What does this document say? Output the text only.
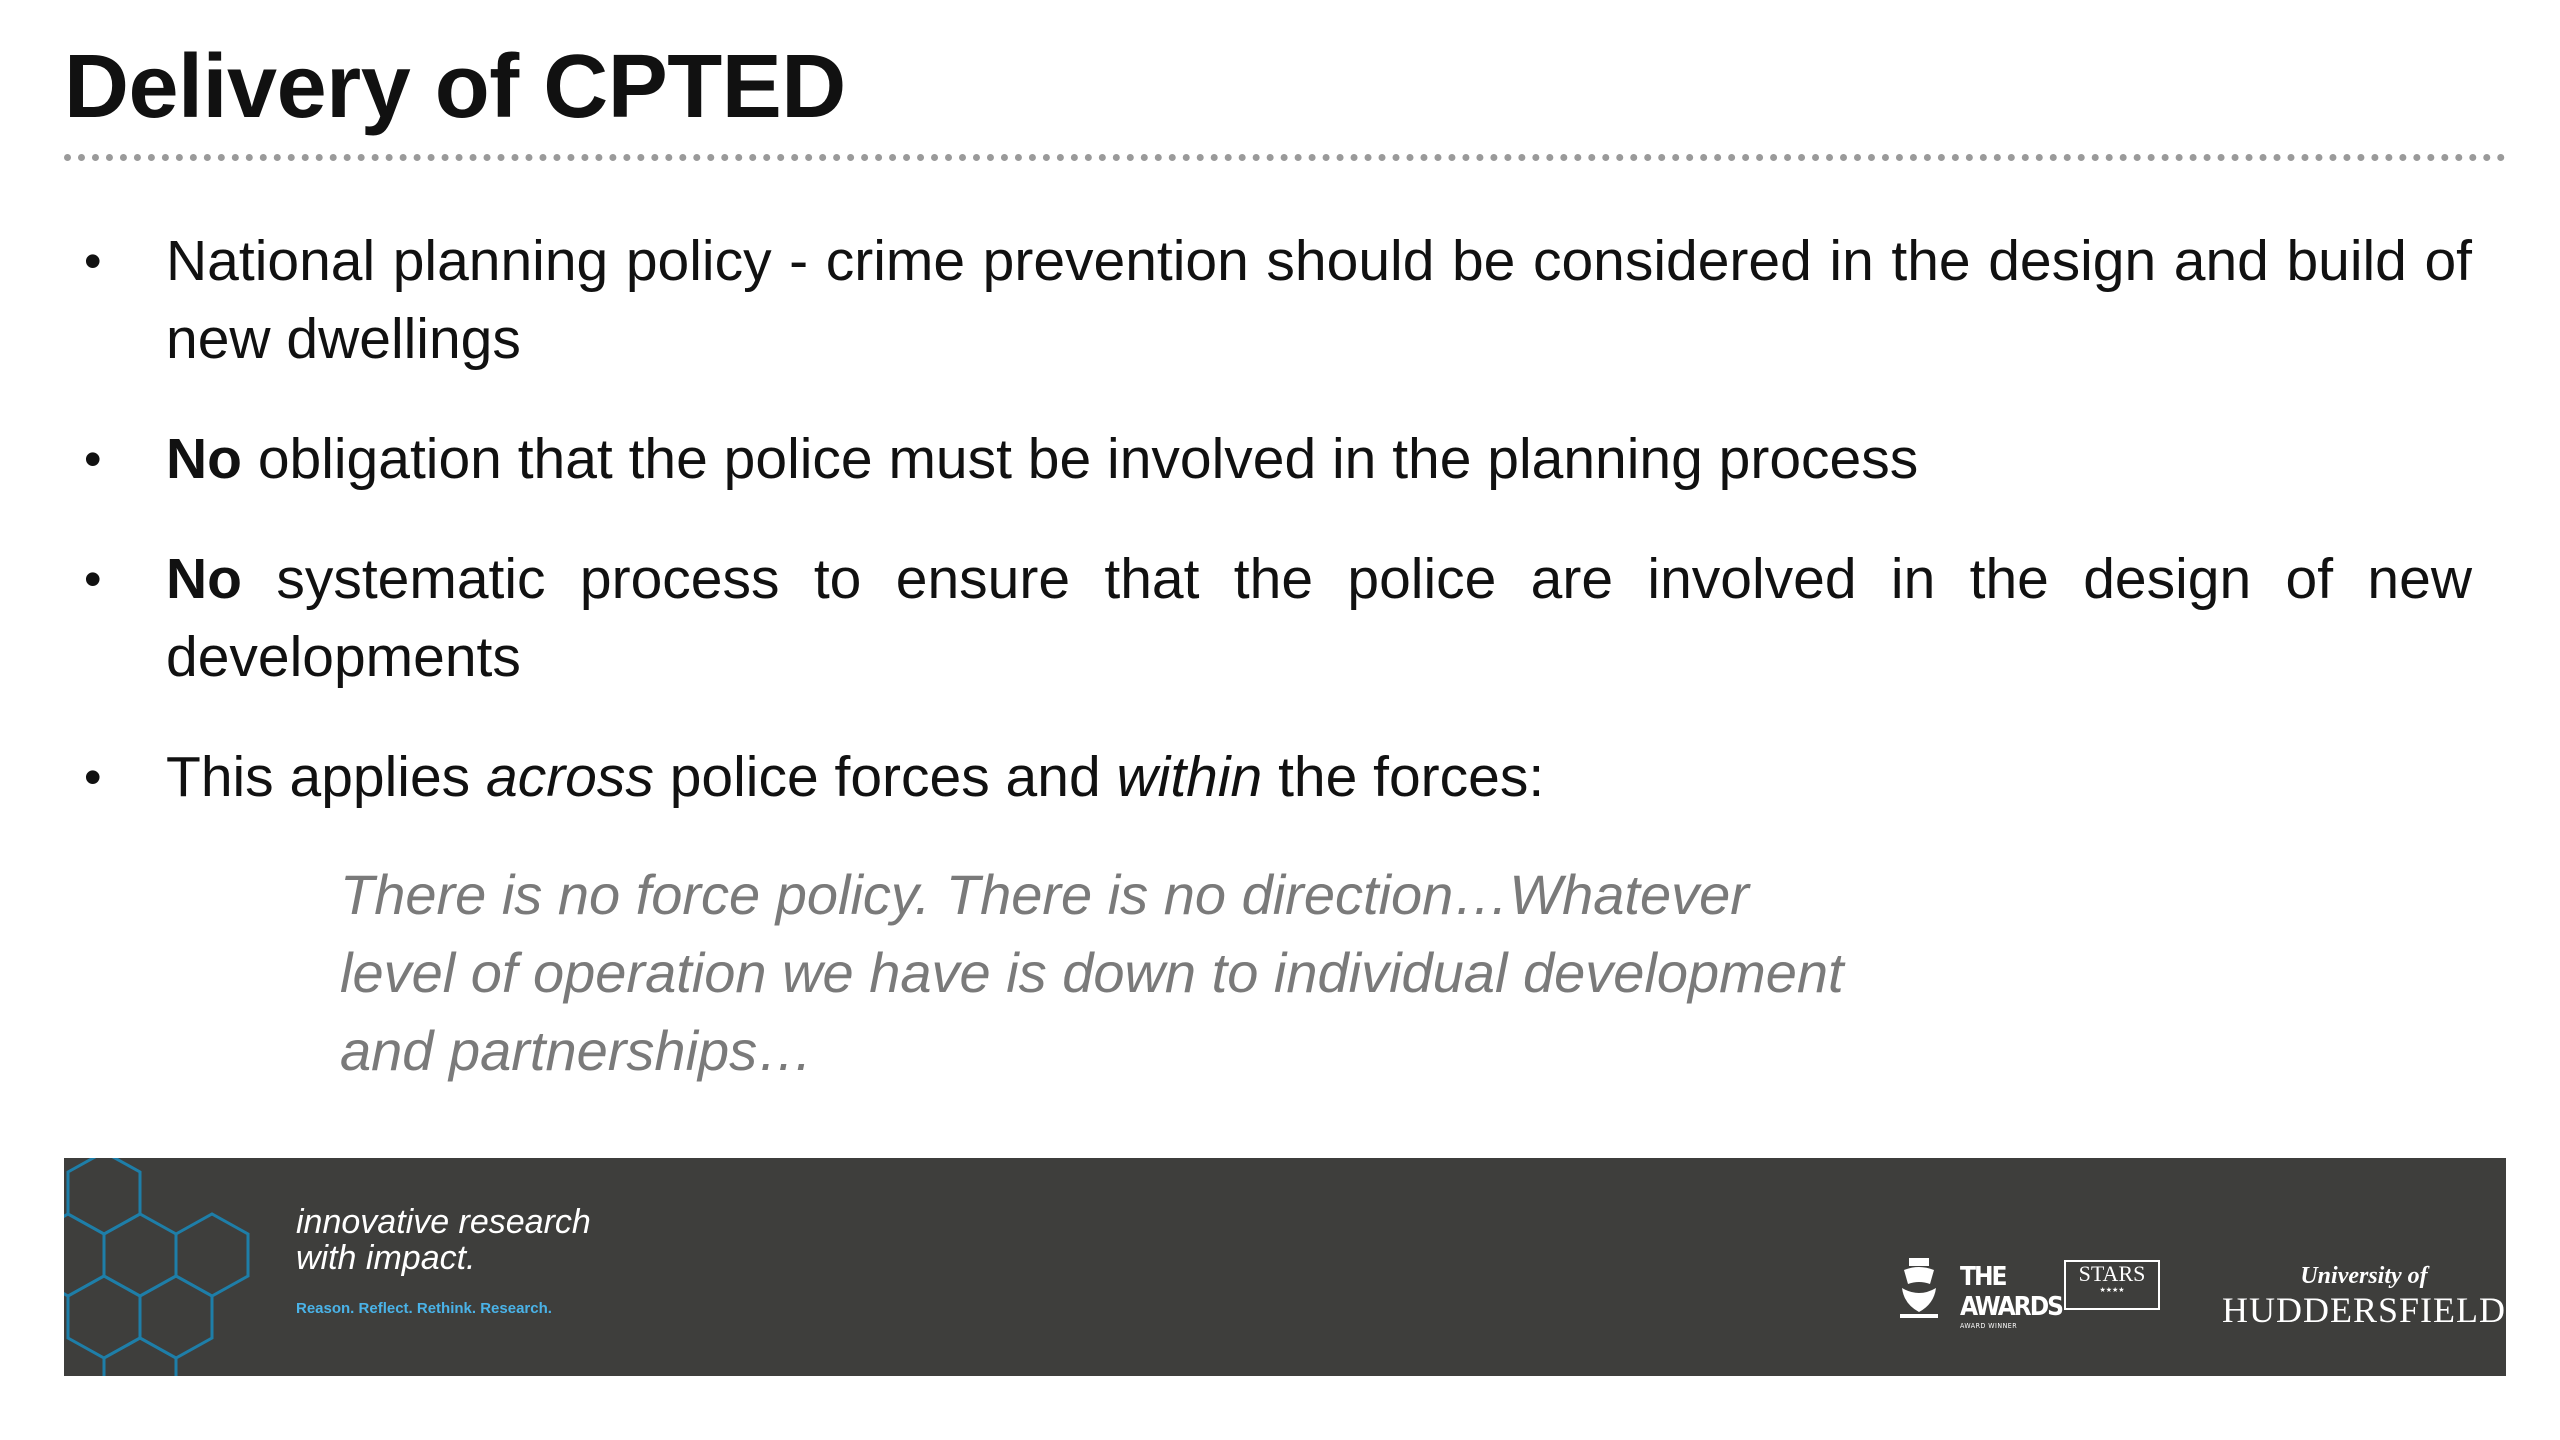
Delivery of CPTED
• National planning policy - crime prevention should be considered in the design and build of new dwellings
• No obligation that the police must be involved in the planning process
• No systematic process to ensure that the police are involved in the design of new developments
• This applies across police forces and within the forces:

There is no force policy. There is no direction…Whatever
level of operation we have is down to individual development
and partnerships…

innovative research
with impact.
Reason. Reflect. Rethink. Research.
THE AWARDS
AWARD WINNER
STARS
★★★★
University of
HUDDERSFIELD
